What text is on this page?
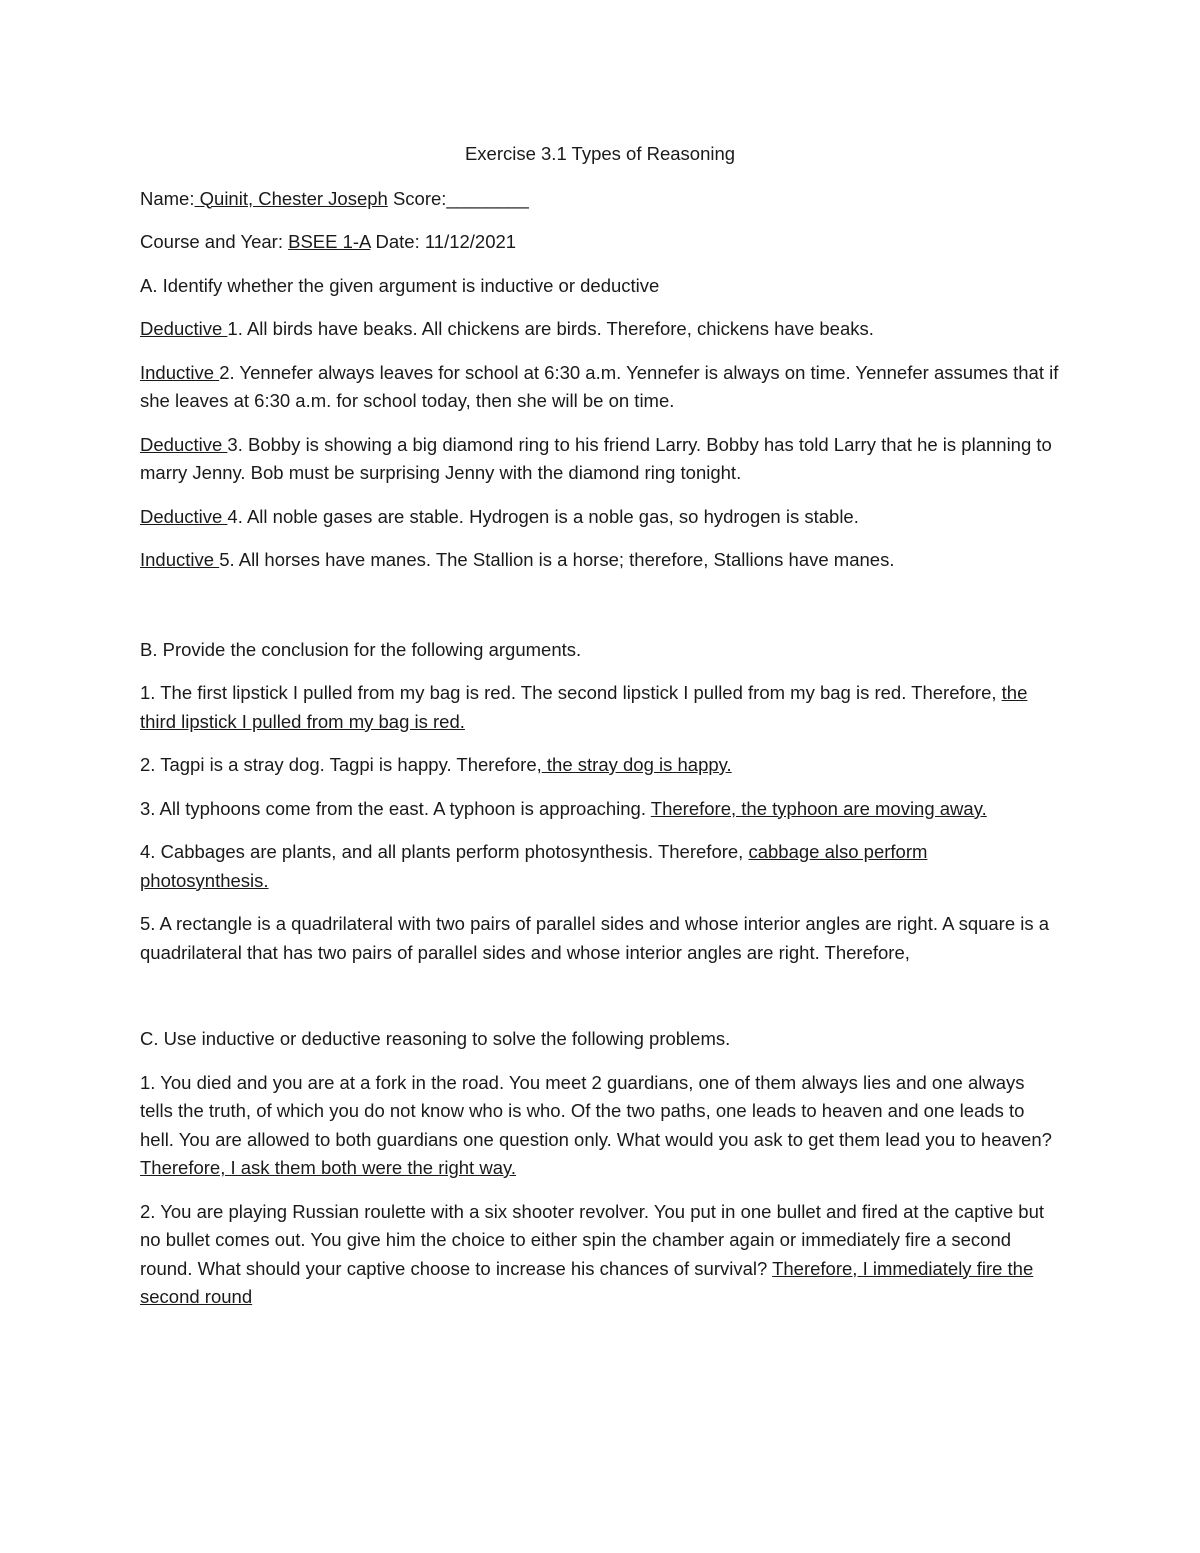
Exercise 3.1 Types of Reasoning
Name: Quinit, Chester Joseph Score:________
Course and Year: BSEE 1-A Date: 11/12/2021
A. Identify whether the given argument is inductive or deductive
Deductive 1. All birds have beaks. All chickens are birds. Therefore, chickens have beaks.
Inductive 2. Yennefer always leaves for school at 6:30 a.m. Yennefer is always on time. Yennefer assumes that if she leaves at 6:30 a.m. for school today, then she will be on time.
Deductive 3. Bobby is showing a big diamond ring to his friend Larry. Bobby has told Larry that he is planning to marry Jenny. Bob must be surprising Jenny with the diamond ring tonight.
Deductive 4. All noble gases are stable. Hydrogen is a noble gas, so hydrogen is stable.
Inductive 5. All horses have manes. The Stallion is a horse; therefore, Stallions have manes.
B. Provide the conclusion for the following arguments.
1. The first lipstick I pulled from my bag is red. The second lipstick I pulled from my bag is red. Therefore, the third lipstick I pulled from my bag is red.
2. Tagpi is a stray dog. Tagpi is happy. Therefore, the stray dog is happy.
3. All typhoons come from the east. A typhoon is approaching. Therefore, the typhoon are moving away.
4. Cabbages are plants, and all plants perform photosynthesis. Therefore, cabbage also perform photosynthesis.
5. A rectangle is a quadrilateral with two pairs of parallel sides and whose interior angles are right. A square is a quadrilateral that has two pairs of parallel sides and whose interior angles are right. Therefore,
C. Use inductive or deductive reasoning to solve the following problems.
1. You died and you are at a fork in the road. You meet 2 guardians, one of them always lies and one always tells the truth, of which you do not know who is who. Of the two paths, one leads to heaven and one leads to hell. You are allowed to both guardians one question only. What would you ask to get them lead you to heaven? Therefore, I ask them both were the right way.
2. You are playing Russian roulette with a six shooter revolver. You put in one bullet and fired at the captive but no bullet comes out. You give him the choice to either spin the chamber again or immediately fire a second round. What should your captive choose to increase his chances of survival? Therefore, I immediately fire the second round
